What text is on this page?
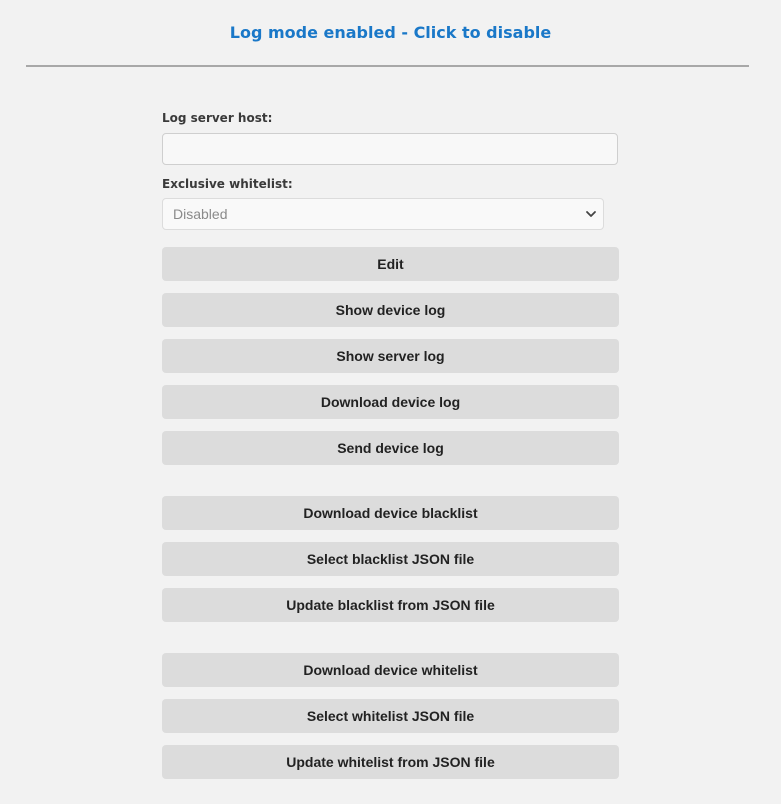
Log mode enabled - Click to disable
Log server host:
Exclusive whitelist:
Disabled
Edit
Show device log
Show server log
Download device log
Send device log
Download device blacklist
Select blacklist JSON file
Update blacklist from JSON file
Download device whitelist
Select whitelist JSON file
Update whitelist from JSON file
